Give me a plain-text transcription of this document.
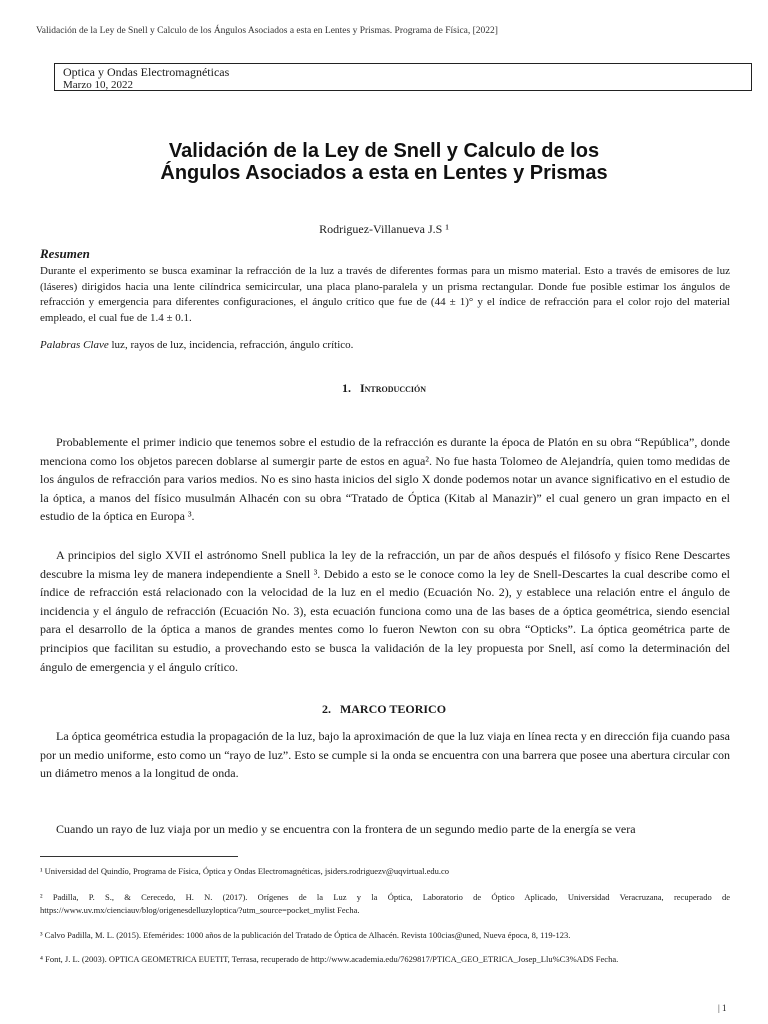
Validación de la Ley de Snell y Calculo de los Ángulos Asociados a esta en Lentes y Prismas. Programa de Física, [2022]
Optica y Ondas Electromagnéticas
Marzo 10, 2022
Validación de la Ley de Snell y Calculo de los Ángulos Asociados a esta en Lentes y Prismas
Rodriguez-Villanueva J.S ¹
Resumen
Durante el experimento se busca examinar la refracción de la luz a través de diferentes formas para un mismo material. Esto a través de emisores de luz (láseres) dirigidos hacia una lente cilíndrica semicircular, una placa plano-paralela y un prisma rectangular. Donde fue posible estimar los ángulos de refracción y emergencia para diferentes configuraciones, el ángulo crítico que fue de (44 ± 1)° y el índice de refracción para el color rojo del material empleado, el cual fue de 1.4 ± 0.1.
Palabras Clave luz, rayos de luz, incidencia, refracción, ángulo crítico.
1. Introducción
Probablemente el primer indicio que tenemos sobre el estudio de la refracción es durante la época de Platón en su obra “República”, donde menciona como los objetos parecen doblarse al sumergir parte de estos en agua². No fue hasta Tolomeo de Alejandría, quien tomo medidas de los ángulos de refracción para varios medios. No es sino hasta inicios del siglo X donde podemos notar un avance significativo en el estudio de la óptica, a manos del físico musulmán Alhacén con su obra “Tratado de Óptica (Kitab al Manazir)” el cual genero un gran impacto en el estudio de la óptica en Europa ³.
A principios del siglo XVII el astrónomo Snell publica la ley de la refracción, un par de años después el filósofo y físico Rene Descartes descubre la misma ley de manera independiente a Snell ³. Debido a esto se le conoce como la ley de Snell-Descartes la cual describe como el índice de refracción está relacionado con la velocidad de la luz en el medio (Ecuación No. 2), y establece una relación entre el ángulo de incidencia y el ángulo de refracción (Ecuación No. 3), esta ecuación funciona como una de las bases de a óptica geométrica, siendo esencial para el desarrollo de la óptica a manos de grandes mentes como lo fueron Newton con su obra “Opticks”. La óptica geométrica parte de principios que facilitan su estudio, a provechando esto se busca la validación de la ley propuesta por Snell, así como la determinación del ángulo de emergencia y el ángulo crítico.
2. MARCO TEORICO
La óptica geométrica estudia la propagación de la luz, bajo la aproximación de que la luz viaja en línea recta y en dirección fija cuando pasa por un medio uniforme, esto como un “rayo de luz”. Esto se cumple si la onda se encuentra con una barrera que posee una abertura circular con un diámetro menos a la longitud de onda.
Cuando un rayo de luz viaja por un medio y se encuentra con la frontera de un segundo medio parte de la energía se vera
¹ Universidad del Quindío, Programa de Física, Óptica y Ondas Electromagnéticas, jsiders.rodriguezv@uqvirtual.edu.co
² Padilla, P. S., & Cerecedo, H. N. (2017). Orígenes de la Luz y la Óptica, Laboratorio de Óptico Aplicado, Universidad Veracruzana, recuperado de https://www.uv.mx/cienciauv/blog/origenesdelluzyloptica/?utm_source=pocket_mylist Fecha.
³ Calvo Padilla, M. L. (2015). Efemérides: 1000 años de la publicación del Tratado de Óptica de Alhacén. Revista 100cias@uned, Nueva época, 8, 119-123.
⁴ Font, J. L. (2003). OPTICA GEOMETRICA EUETIT, Terrasa, recuperado de http://www.academia.edu/7629817/PTICA_GEO_ETRICA_Josep_Llu%C3%ADS Fecha.
| 1
